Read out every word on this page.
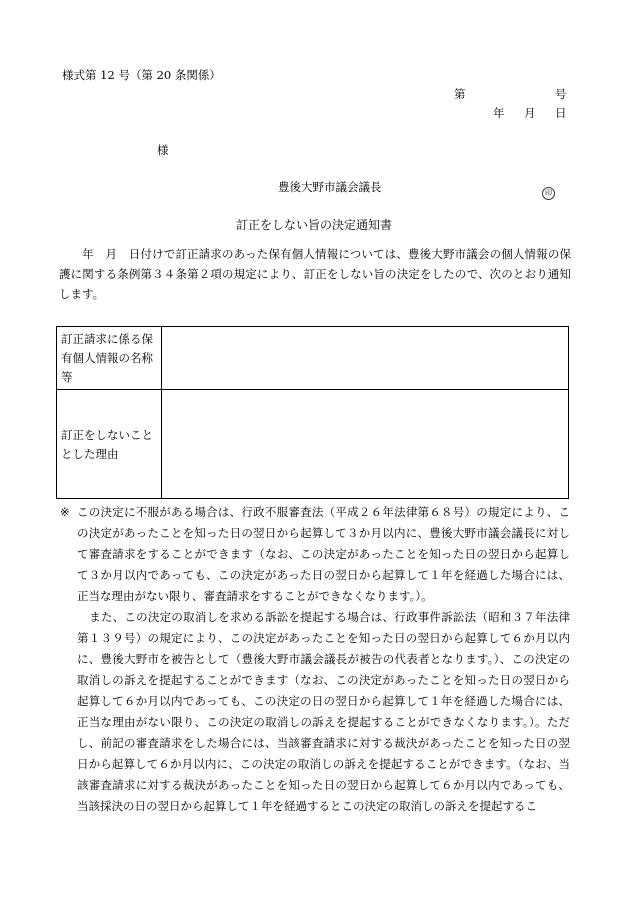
様式第 12 号（第 20 条関係）
第	号
年 月 日
様
豊後大野市議会議長	印
訂正をしない旨の決定通知書

年　月　日付けで訂正請求のあった保有個人情報については、豊後大野市議会の個人情報の保護に関する条例第３４条第２項の規定により、訂正をしない旨の決定をしたので、次のとおり通知します。

訂正請求に係る保有個人情報の名称等	
訂正をしないこととした理由	
※ この決定に不服がある場合は、行政不服審査法（平成２６年法律第６８号）の規定により、この決定があったことを知った日の翌日から起算して３か月以内に、豊後大野市議会議長に対して審査請求をすることができます（なお、この決定があったことを知った日の翌日から起算して３か月以内であっても、この決定があった日の翌日から起算して１年を経過した場合には、正当な理由がない限り、審査請求をすることができなくなります。）。

また、この決定の取消しを求める訴訟を提起する場合は、行政事件訴訟法（昭和３７年法律第１３９号）の規定により、この決定があったことを知った日の翌日から起算して６か月以内に、豊後大野市を被告として（豊後大野市議会議長が被告の代表者となります。）、この決定の取消しの訴えを提起することができます（なお、この決定があったことを知った日の翌日から起算して６か月以内であっても、この決定の日の翌日から起算して１年を経過した場合には、正当な理由がない限り、この決定の取消しの訴えを提起することができなくなります。）。ただし、前記の審査請求をした場合には、当該審査請求に対する裁決があったことを知った日の翌日から起算して６か月以内に、この決定の取消しの訴えを提起することができます。（なお、当該審査請求に対する裁決があったことを知った日の翌日から起算して６か月以内であっても、当該採決の日の翌日から起算して１年を経過するとこの決定の取消しの訴えを提起するこ
